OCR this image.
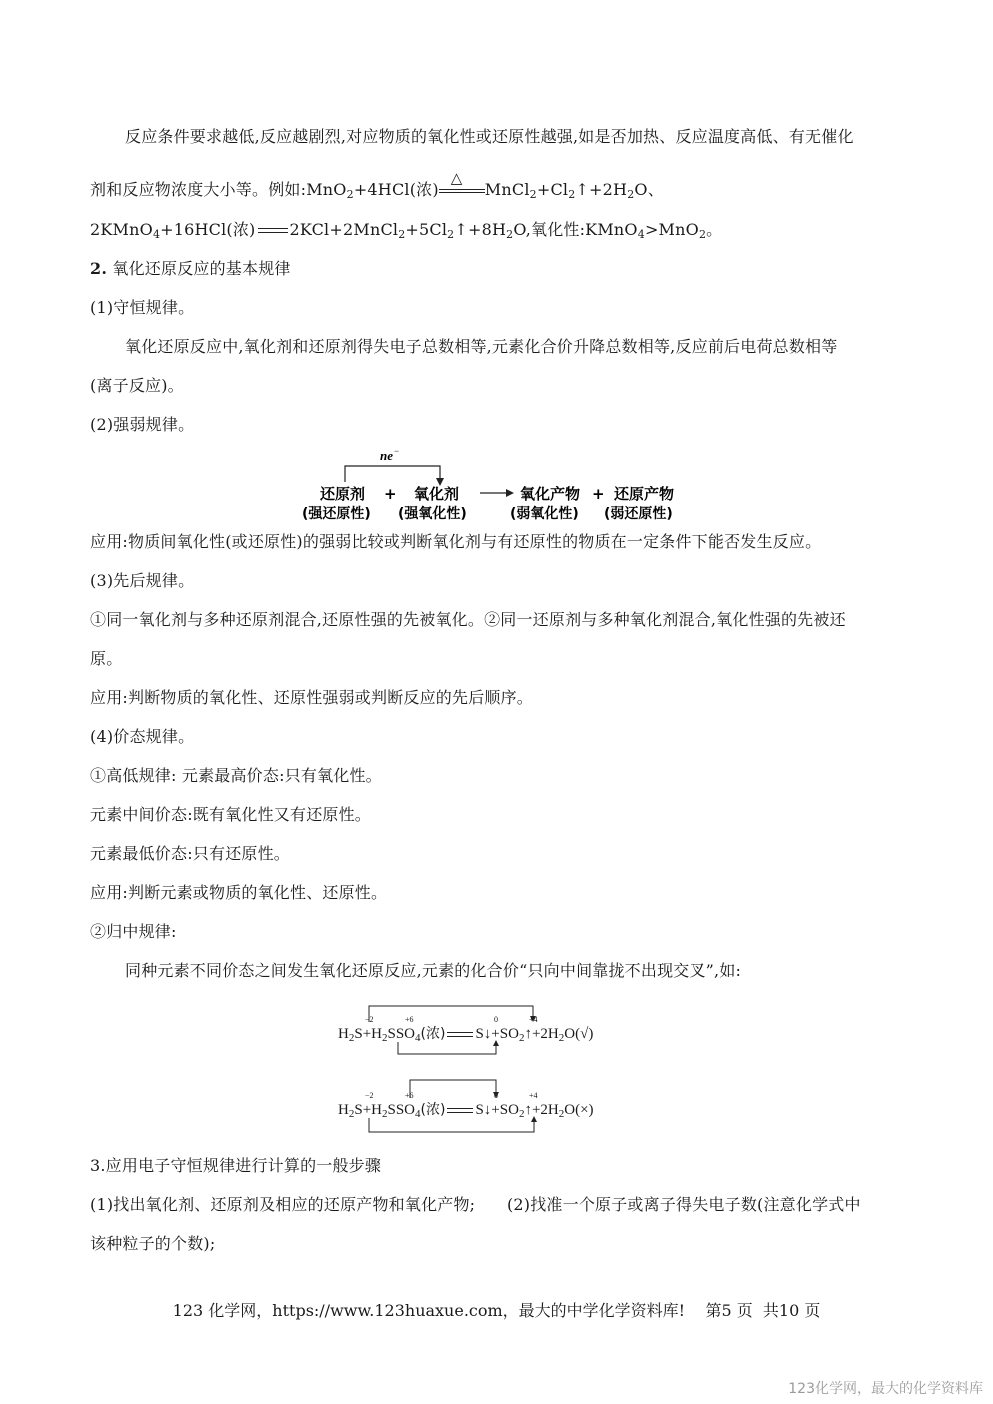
反应条件要求越低,反应越剧烈,对应物质的氧化性或还原性越强,如是否加热、反应温度高低、有无催化
剂和反应物浓度大小等。例如:MnO$_2$+4HCl(浓)
△
$MnCl_2+Cl_2↑+2H_2O$、
2KMnO$_4$+16HCl(浓) $2KCl+2MnCl_2+5Cl_2↑+8H_2O$,氧化性:KMnO$_4$>MnO$_2$。
2. 氧化还原反应的基本规律
(1)守恒规律。
氧化还原反应中,氧化剂和还原剂得失电子总数相等,元素化合价升降总数相等,反应前后电荷总数相等
(离子反应)。
(2)强弱规律。
ne −
还原剂 + 氧化剂	氧化产物 + 还原产物
(强还原性) (强氧化性)	(弱氧化性) (弱还原性)
应用:物质间氧化性(或还原性)的强弱比较或判断氧化剂与有还原性的物质在一定条件下能否发生反应。
(3)先后规律。
①同一氧化剂与多种还原剂混合,还原性强的先被氧化。②同一还原剂与多种氧化剂混合,氧化性强的先被还
原。
应用:判断物质的氧化性、还原性强弱或判断反应的先后顺序。
(4)价态规律。
①高低规律: 元素最高价态:只有氧化性。
元素中间价态:既有氧化性又有还原性。
元素最低价态:只有还原性。
应用:判断元素或物质的氧化性、还原性。
②归中规律:
同种元素不同价态之间发生氧化还原反应,元素的化合价“只向中间靠拢不出现交叉”,如:
−2	+6	0	+4
$H_2S+H_2SSO_4$(浓) $S↓+SO_2↑+2H_2O(√)$
−2	+6	0	+4
$H_2S+H_2SSO_4$(浓) $S↓+SO_2↑+2H_2O(\times)$
3.应用电子守恒规律进行计算的一般步骤
(1)找出氧化剂、还原剂及相应的还原产物和氧化产物;      (2)找准一个原子或离子得失电子数(注意化学式中
该种粒子的个数);
123 化学网，https://www.123huaxue.com，最大的中学化学资料库!    第5 页  共10 页
123化学网，最大的化学资料库
